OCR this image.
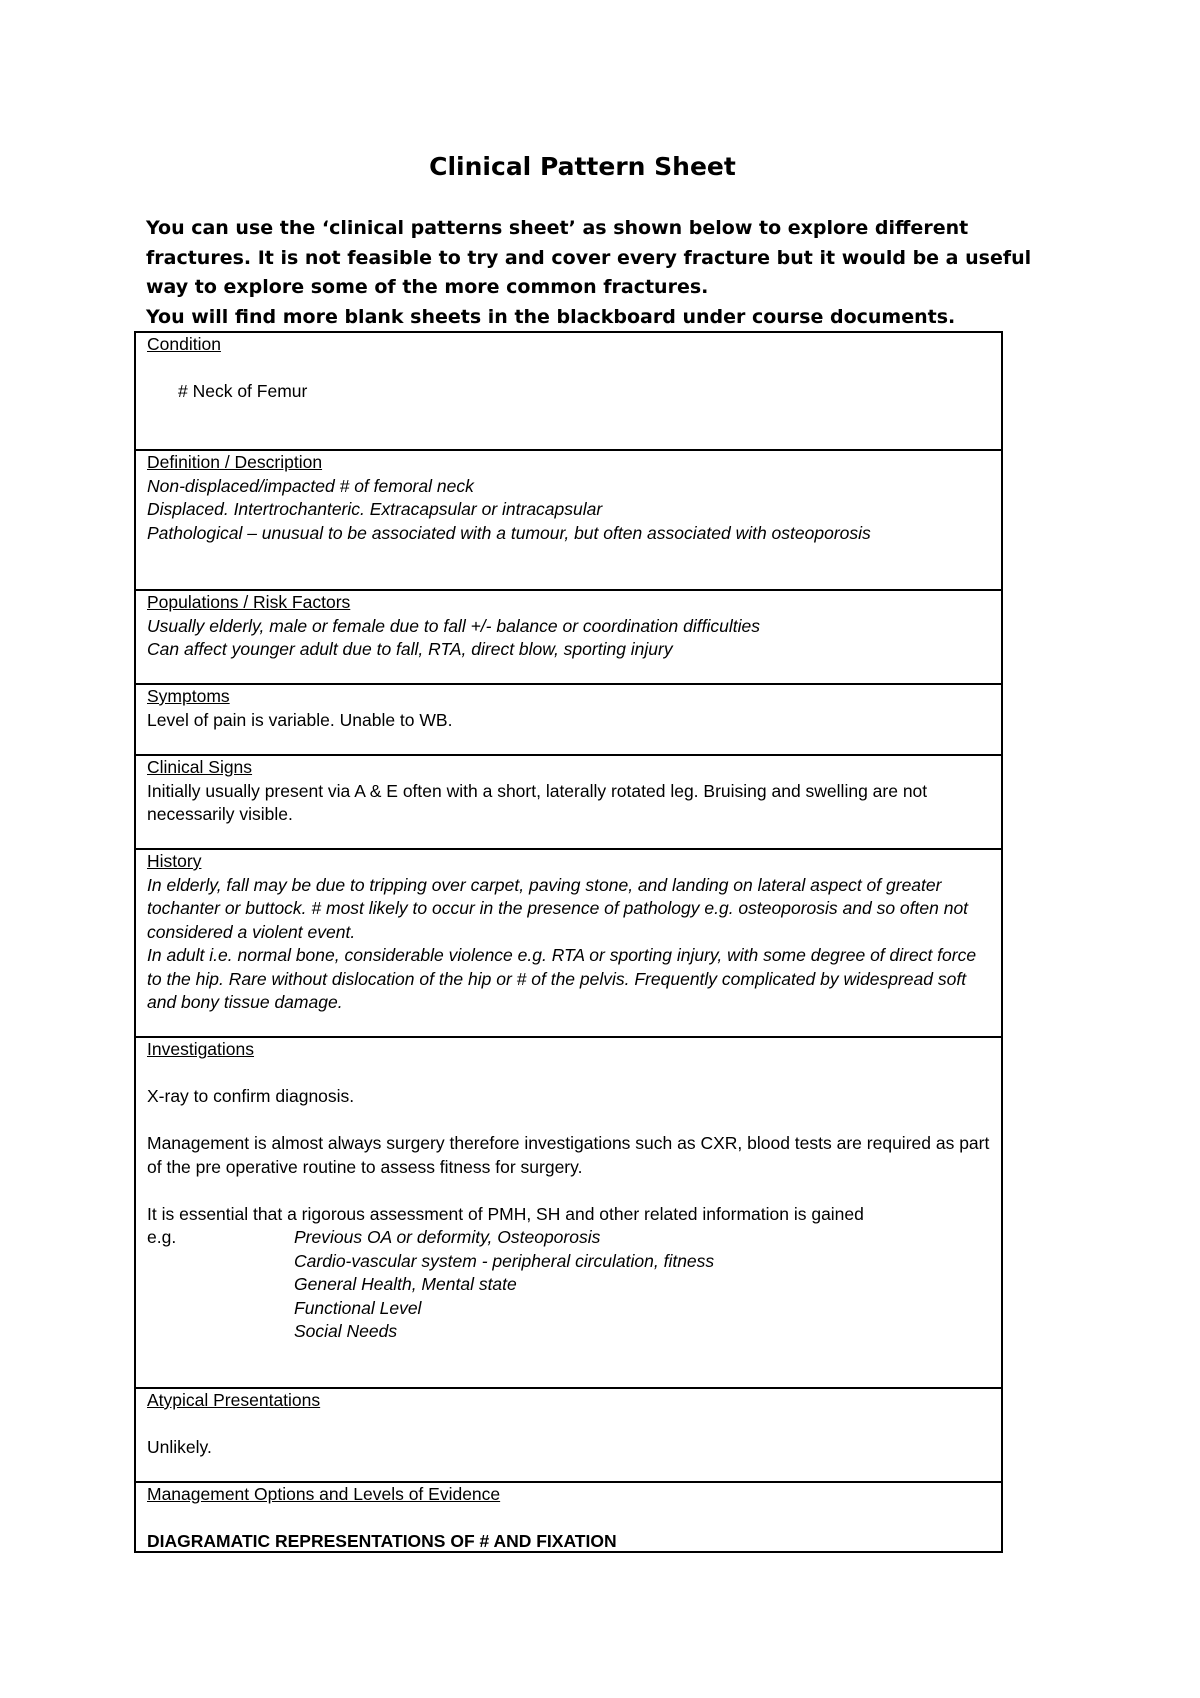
Clinical Pattern Sheet

You can use the ‘clinical patterns sheet’ as shown below to explore different fractures. It is not feasible to try and cover every fracture but it would be a useful way to explore some of the more common fractures.

You will find more blank sheets in the blackboard under course documents.

Condition
# Neck of Femur
Definition / Description
Non-displaced/impacted # of femoral neck
Displaced. Intertrochanteric. Extracapsular or intracapsular
Pathological – unusual to be associated with a tumour, but often associated with osteoporosis
Populations / Risk Factors
Usually elderly, male or female due to fall +/- balance or coordination difficulties
Can affect younger adult due to fall, RTA, direct blow, sporting injury
Symptoms
Level of pain is variable. Unable to WB.
Clinical Signs
Initially usually present via A & E often with a short, laterally rotated leg. Bruising and swelling are not necessarily visible.
History
In elderly, fall may be due to tripping over carpet, paving stone, and landing on lateral aspect of greater tochanter or buttock. # most likely to occur in the presence of pathology e.g. osteoporosis and so often not considered a violent event.
In adult i.e. normal bone, considerable violence e.g. RTA or sporting injury, with some degree of direct force to the hip. Rare without dislocation of the hip or # of the pelvis. Frequently complicated by widespread soft and bony tissue damage.
Investigations
X-ray to confirm diagnosis.
Management is almost always surgery therefore investigations such as CXR, blood tests are required as part of the pre operative routine to assess fitness for surgery.
It is essential that a rigorous assessment of PMH, SH and other related information is gained
e.g.	Previous OA or deformity, Osteoporosis
Cardio-vascular system - peripheral circulation, fitness
General Health, Mental state
Functional Level
Social Needs
Atypical Presentations
Unlikely.
Management Options and Levels of Evidence
DIAGRAMATIC REPRESENTATIONS OF # AND FIXATION
